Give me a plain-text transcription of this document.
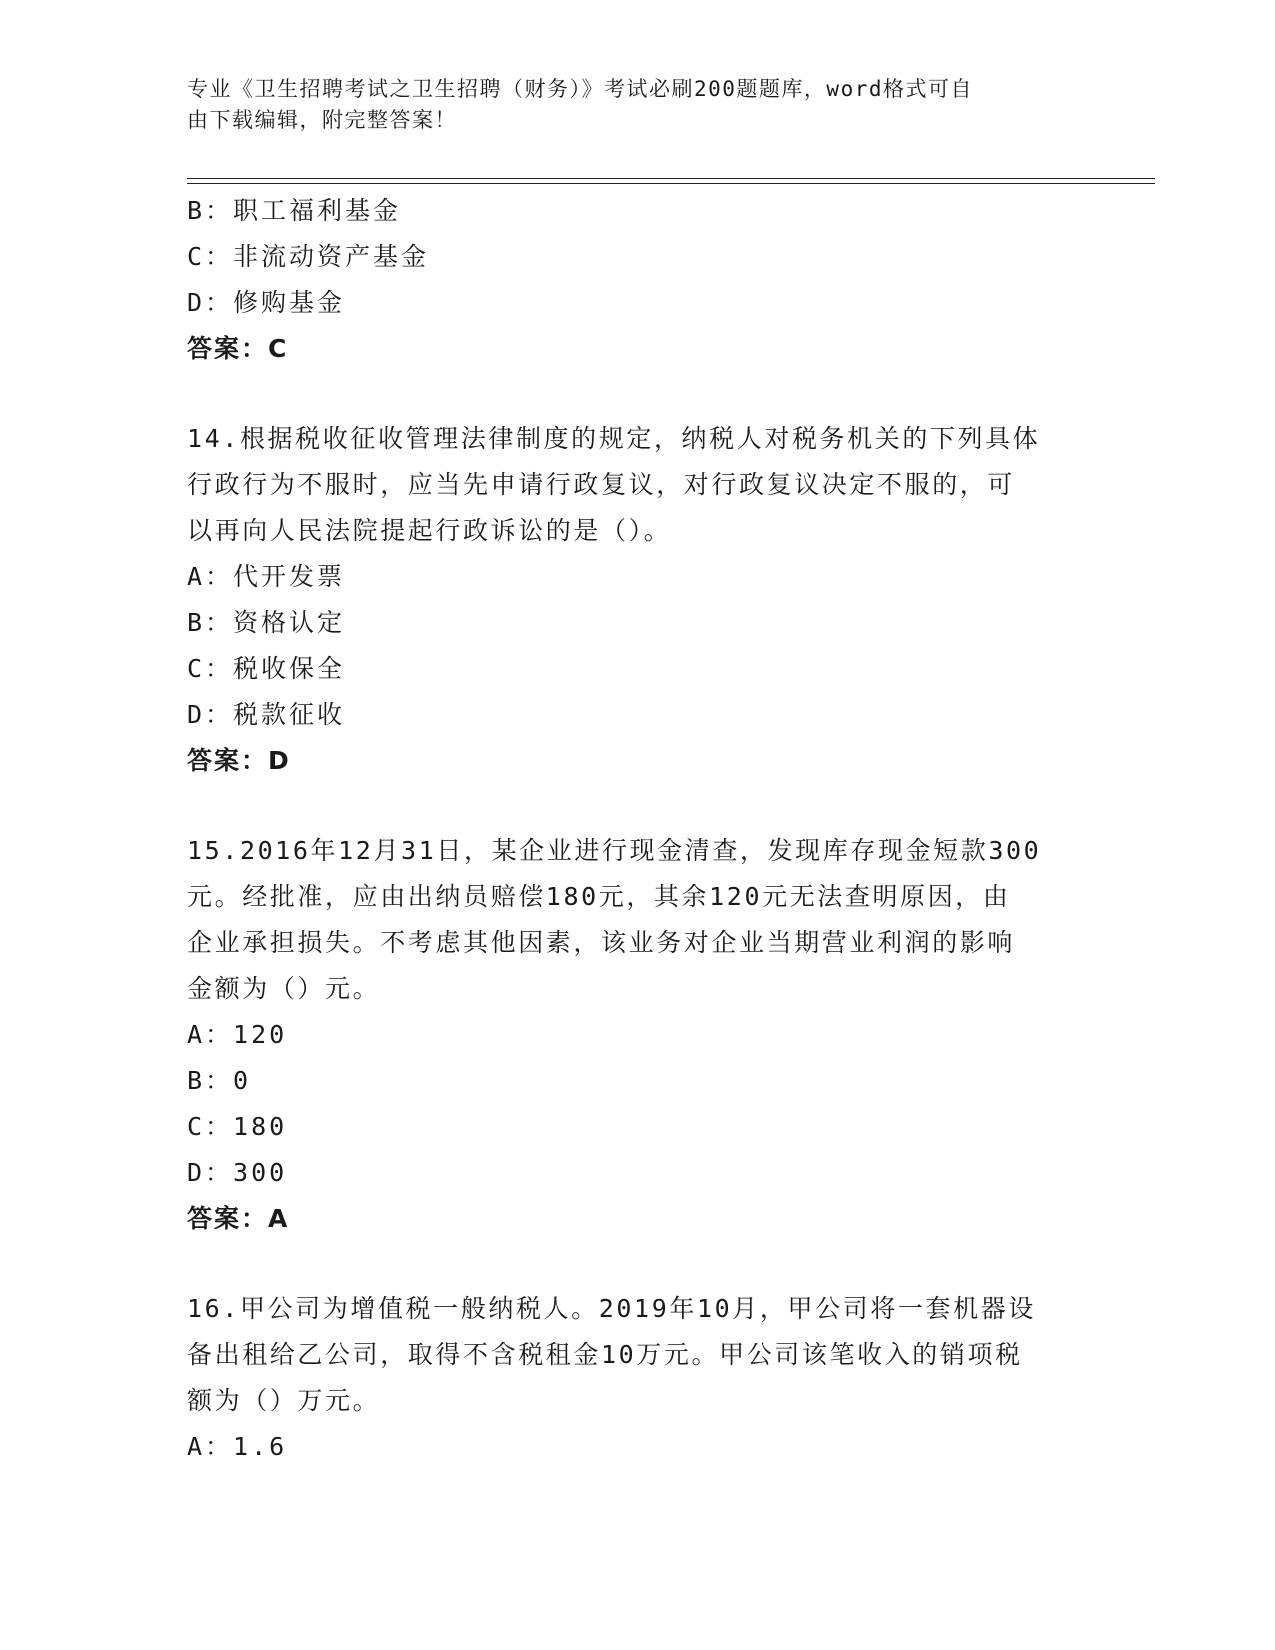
专业《卫生招聘考试之卫生招聘（财务）》考试必刷200题题库，word格式可自
由下载编辑，附完整答案！
B：职工福利基金
C：非流动资产基金
D：修购基金
答案：C
14.根据税收征收管理法律制度的规定，纳税人对税务机关的下列具体
行政行为不服时，应当先申请行政复议，对行政复议决定不服的，可
以再向人民法院提起行政诉讼的是（）。
A：代开发票
B：资格认定
C：税收保全
D：税款征收
答案：D
15.2016年12月31日，某企业进行现金清查，发现库存现金短款300
元。经批准，应由出纳员赔偿180元，其余120元无法查明原因，由
企业承担损失。不考虑其他因素，该业务对企业当期营业利润的影响
金额为（）元。
A：120
B：0
C：180
D：300
答案：A
16.甲公司为增值税一般纳税人。2019年10月，甲公司将一套机器设
备出租给乙公司，取得不含税租金10万元。甲公司该笔收入的销项税
额为（）万元。
A：1.6
